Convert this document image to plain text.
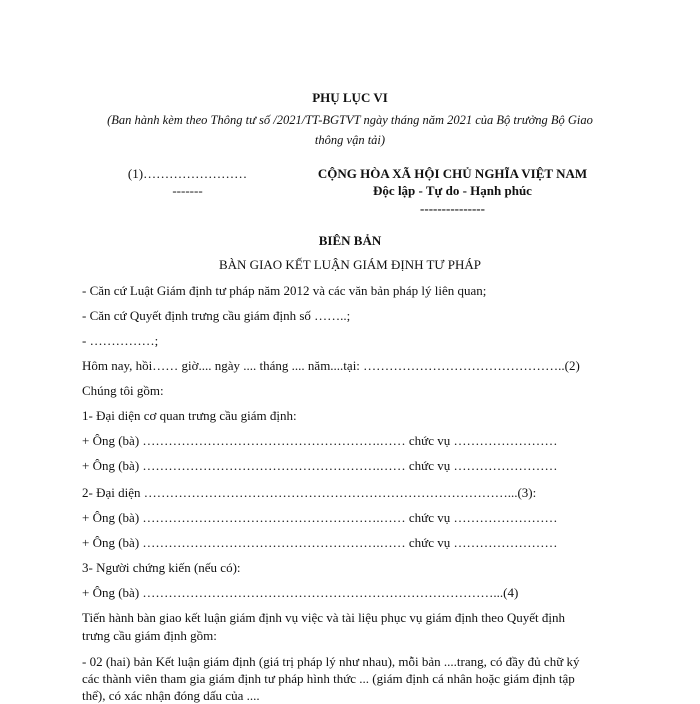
PHỤ LỤC VI
(Ban hành kèm theo Thông tư số /2021/TT-BGTVT ngày tháng năm 2021 của Bộ trưởng Bộ Giao
thông vận tải)
(1)……………………
-------
CỘNG HÒA XÃ HỘI CHỦ NGHĨA VIỆT NAM
Độc lập - Tự do - Hạnh phúc
---------------
BIÊN BẢN
BÀN GIAO KẾT LUẬN GIÁM ĐỊNH TƯ PHÁP
- Căn cứ Luật Giám định tư pháp năm 2012 và các văn bản pháp lý liên quan;
- Căn cứ Quyết định trưng cầu giám định số ……..;
- ……………;
Hôm nay, hồi…… giờ.... ngày .... tháng .... năm....tại: ………………………………………..(2)
Chúng tôi gồm:
1- Đại diện cơ quan trưng cầu giám định:
+ Ông (bà) ……………………………………………….…… chức vụ ……………………
+ Ông (bà) ……………………………………………….…… chức vụ ……………………
2- Đại diện …………………………………………………………………………...(3):
+ Ông (bà) ……………………………………………….…… chức vụ ……………………
+ Ông (bà) ……………………………………………….…… chức vụ ……………………
3- Người chứng kiến (nếu có):
+ Ông (bà) ………………………………………………………………………...(4)
Tiến hành bàn giao kết luận giám định vụ việc và tài liệu phục vụ giám định theo Quyết định
trưng cầu giám định gồm:
- 02 (hai) bản Kết luận giám định (giá trị pháp lý như nhau), mỗi bản ....trang, có đầy đủ chữ ký
các thành viên tham gia giám định tư pháp hình thức ... (giám định cá nhân hoặc giám định tập
thể), có xác nhận đóng dấu của ....
